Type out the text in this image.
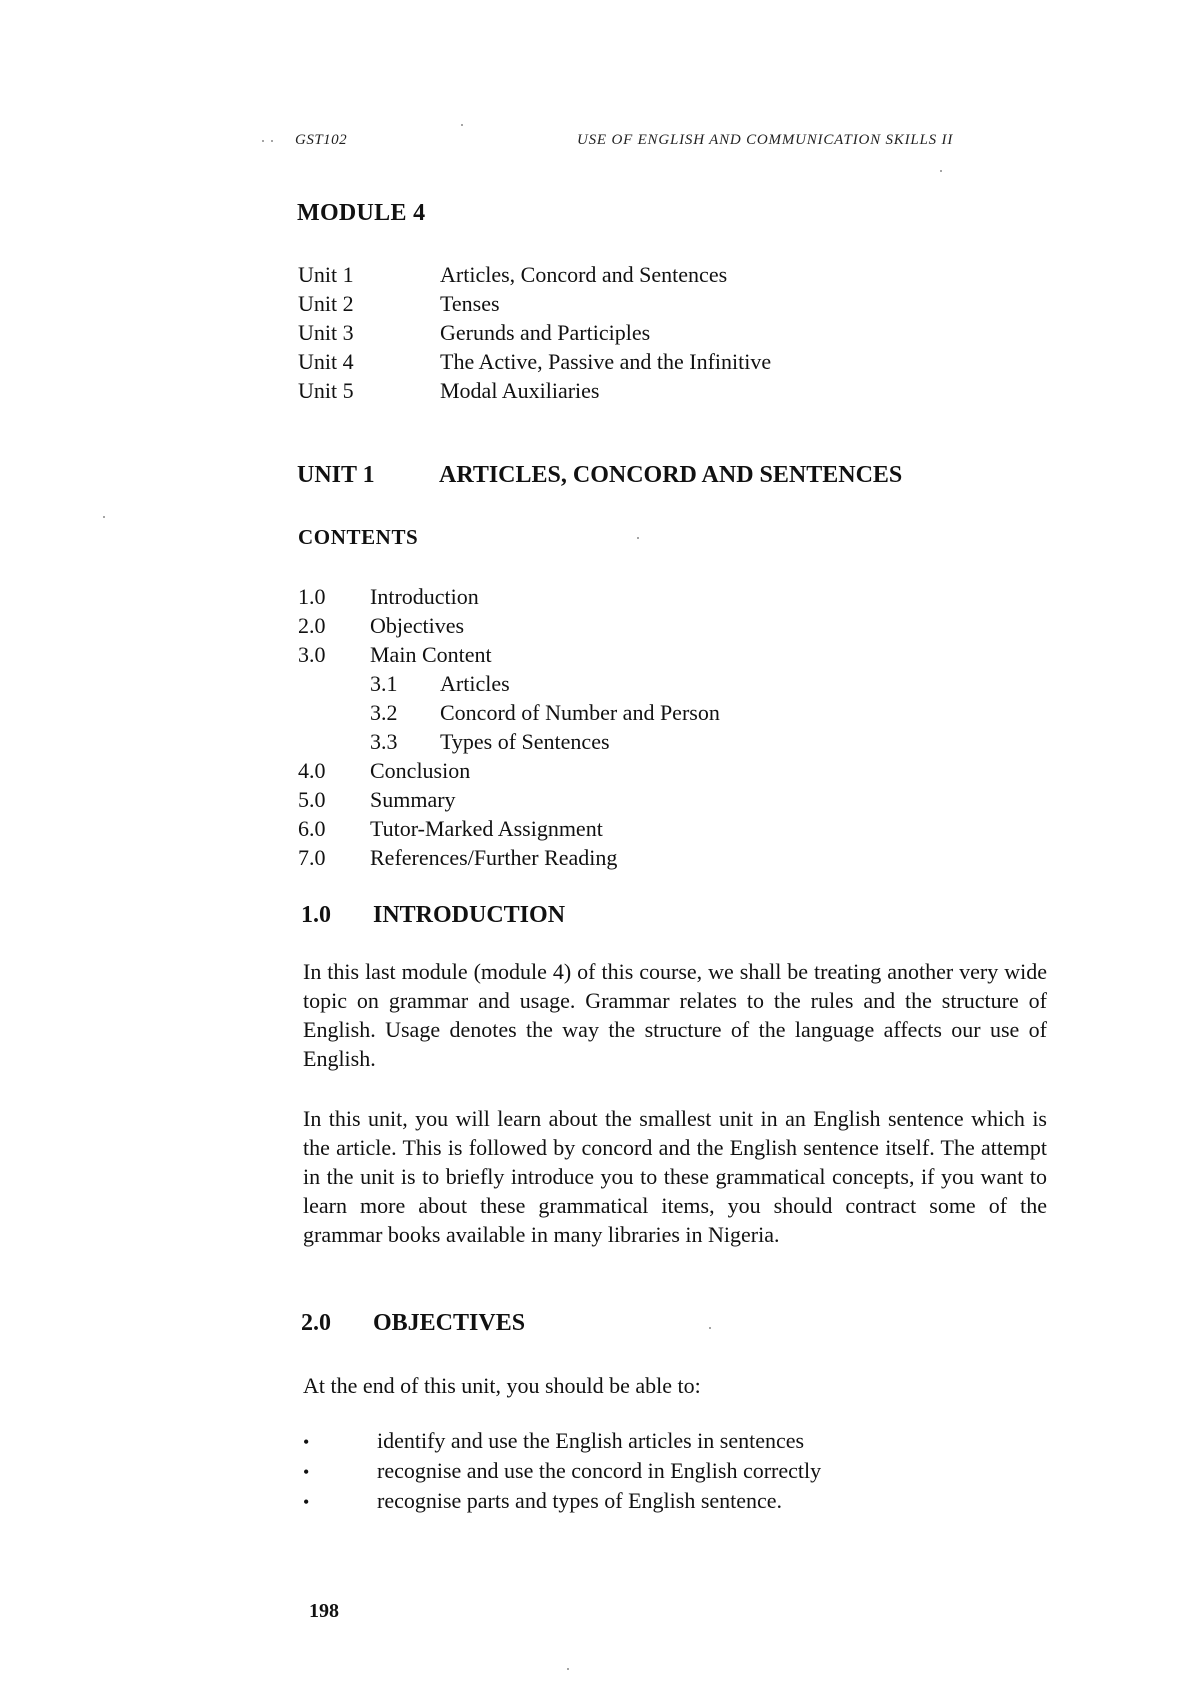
GST102	USE OF ENGLISH AND COMMUNICATION SKILLS II
MODULE 4
Unit 1	Articles, Concord and Sentences
Unit 2	Tenses
Unit 3	Gerunds and Participles
Unit 4	The Active, Passive and the Infinitive
Unit 5	Modal Auxiliaries
UNIT 1	ARTICLES, CONCORD AND SENTENCES
CONTENTS
1.0 Introduction
2.0 Objectives
3.0 Main Content
3.1 Articles
3.2 Concord of Number and Person
3.3 Types of Sentences
4.0 Conclusion
5.0 Summary
6.0 Tutor-Marked Assignment
7.0 References/Further Reading
1.0 INTRODUCTION

In this last module (module 4) of this course, we shall be treating another very wide topic on grammar and usage. Grammar relates to the rules and the structure of English. Usage denotes the way the structure of the language affects our use of English.

In this unit, you will learn about the smallest unit in an English sentence which is the article. This is followed by concord and the English sentence itself. The attempt in the unit is to briefly introduce you to these grammatical concepts, if you want to learn more about these grammatical items, you should contract some of the grammar books available in many libraries in Nigeria.

2.0 OBJECTIVES

At the end of this unit, you should be able to:

•	identify and use the English articles in sentences
•	recognise and use the concord in English correctly
•	recognise parts and types of English sentence.
198
